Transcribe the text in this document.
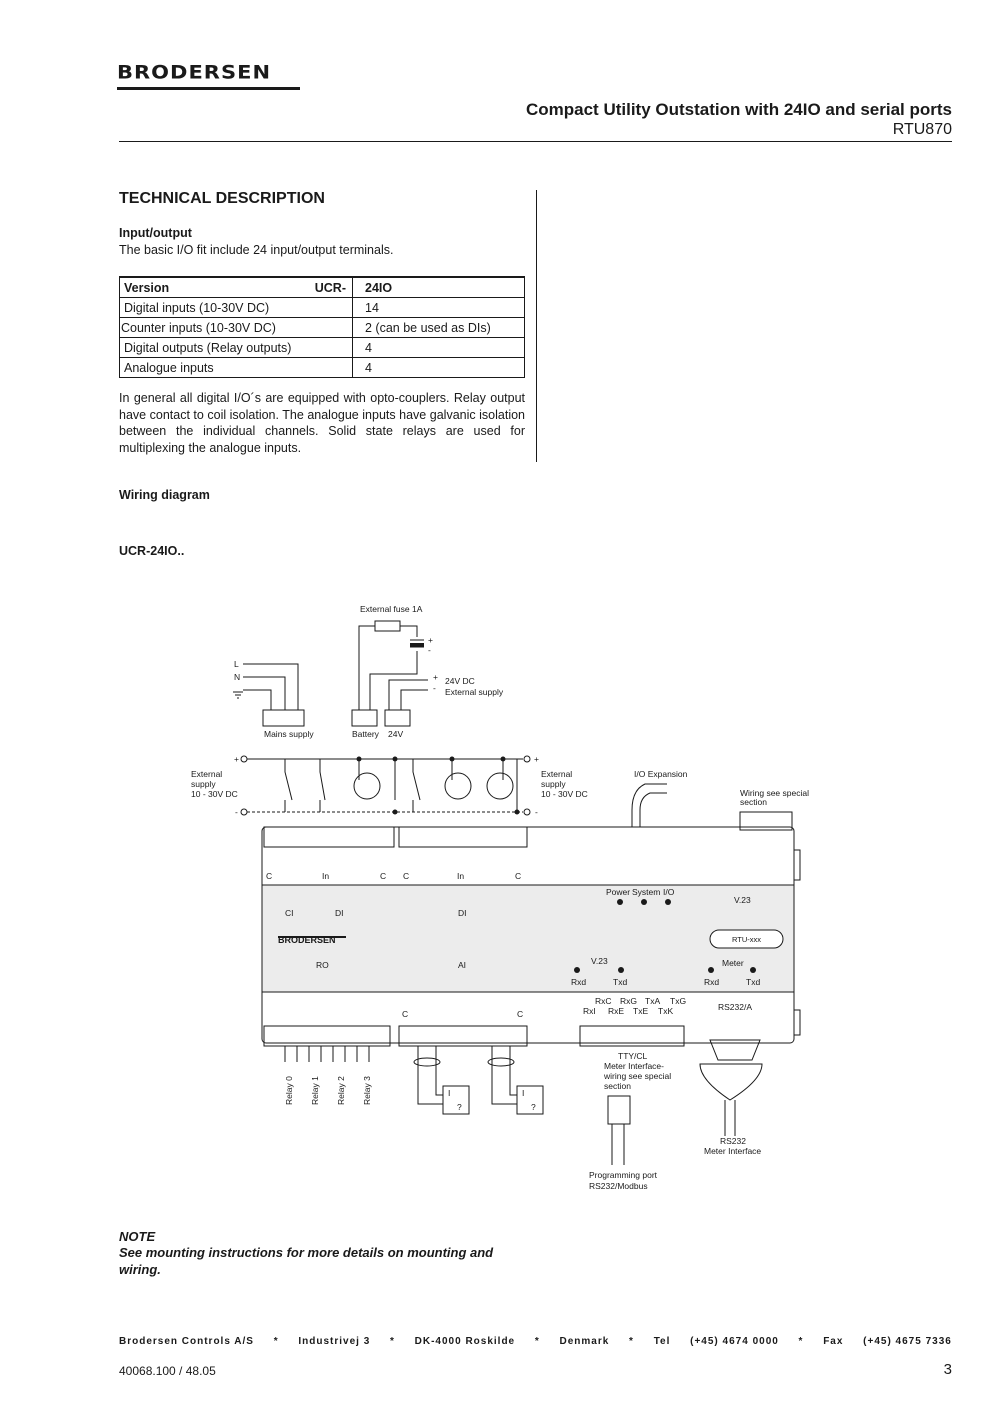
BRODERSEN
Compact Utility Outstation with 24IO and serial ports
RTU870
TECHNICAL DESCRIPTION
Input/output
The basic I/O fit include 24 input/output terminals.
Version UCR-	24IO
Digital inputs (10-30V DC)	14
Counter inputs (10-30V DC)	2 (can be used as DIs)
Digital outputs (Relay outputs)	4
Analogue inputs	4
In general all digital I/O´s are equipped with opto-couplers. Relay output have contact to coil isolation. The analogue inputs have galvanic isolation between the individual channels. Solid state relays are used for multiplexing the analogue inputs.
Wiring diagram
UCR-24IO..
External fuse 1A
+
-
L
N	+
-
24V DC
External supply
Mains supply	Battery 24V
+
-
+
-
External
supply
10 - 30V DC
External
supply
10 - 30V DC
I/O Expansion
Wiring see special
section
C	In	C C	In	C
CI	DI	DI
BRODERSEN
RO	AI
Power System I/O
V.23
V.23	Meter
Rxd	Txd	Rxd	Txd
C	C
RxC RxG TxA TxG
RxI RxE TxE TxK	RS232/A
TTY/CL
Meter Interface-
wiring see special
section
RS232
Meter Interface
Programming port
RS232/Modbus
I
?
I
?
Relay 0 Relay 1 Relay 2 Relay 3
RTU-xxx
NOTE
See mounting instructions for more details on mounting and wiring.
Brodersen Controls A/S * Industrivej 3 * DK-4000 Roskilde * Denmark * Tel (+45) 4674 0000 * Fax (+45) 4675 7336
40068.100 / 48.05	3
